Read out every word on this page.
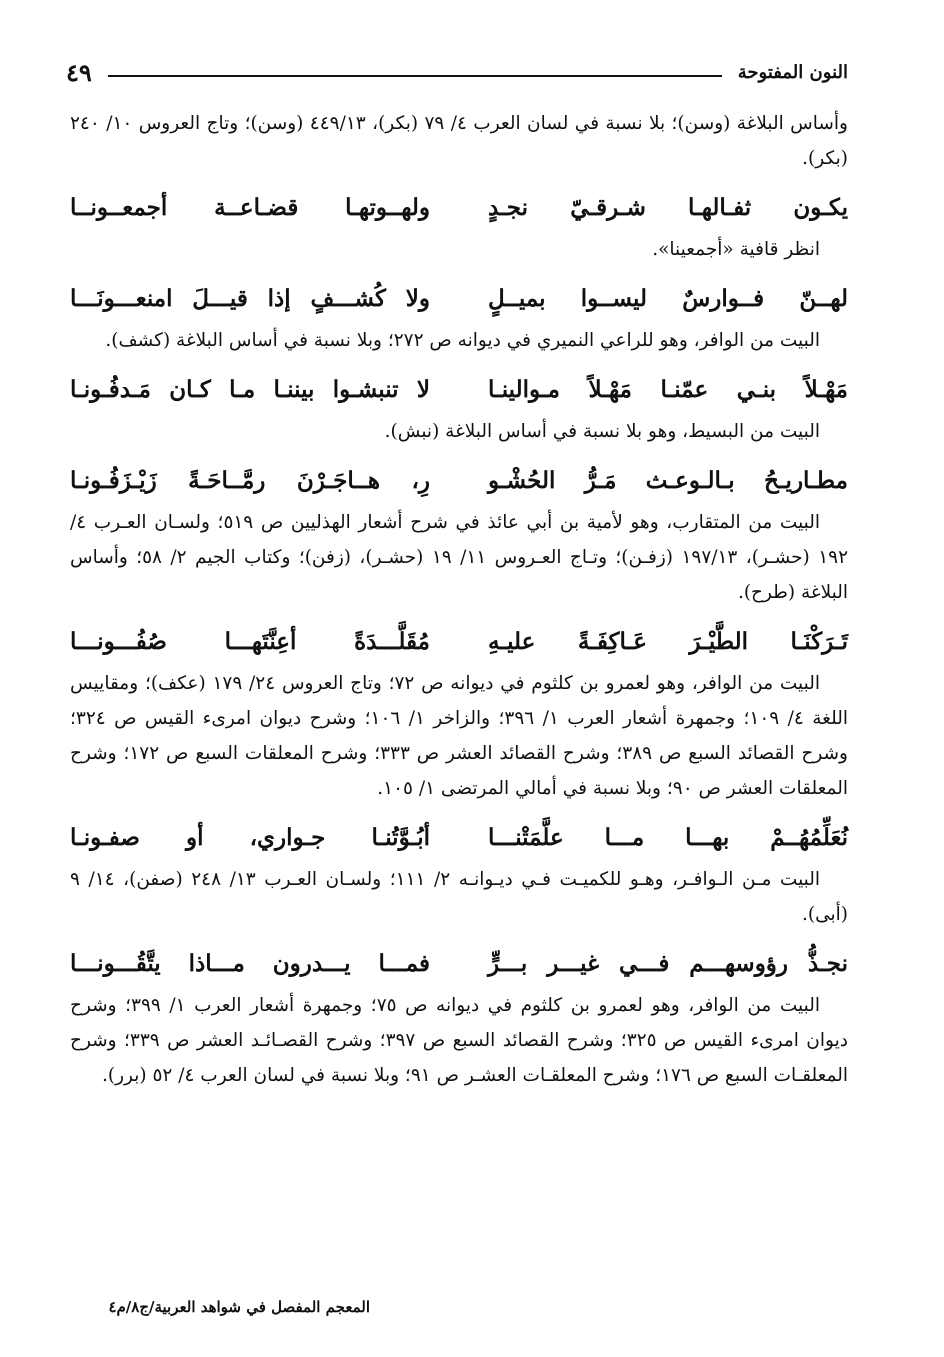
النون المفتوحة
٤٩

وأساس البلاغة (وسن)؛ بلا نسبة في لسان العرب ٤/ ٧٩ (بكر)، ٤٤٩/١٣ (وسن)؛ وتاج العروس ١٠/ ٢٤٠ (بكر).

يكـون ثفـالهـا شـرقـيّ نجـدٍ
ولهــوتهـا قضـاعــة أجمعــونــا

انظر قافية «أجمعينا».

لهــنّ فــوارسٌ ليســوا بميــلٍ
ولا كُشـــفٍ إذا قيـــلَ امنعـــونَـــا

البيت من الوافر، وهو للراعي النميري في ديوانه ص ٢٧٢؛ وبلا نسبة في أساس البلاغة (كشف).

مَهْـلاً بنـي عمّنـا مَهْـلاً مـوالينـا
لا تنبشـوا بيننـا مـا كـان مَـدفُـونـا

البيت من البسيط، وهو بلا نسبة في أساس البلاغة (نبش).

مطـاريـحُ بـالـوعـث مَـرُّ الحُشْـو
رِ، هــاجَـرْنَ رمَّــاحَـةً زَيْـزَفُـونـا

البيت من المتقارب، وهو لأمية بن أبي عائذ في شرح أشعار الهذليين ص ٥١٩؛ ولسـان العـرب ٤/ ١٩٢ (حشـر)، ١٩٧/١٣ (زفـن)؛ وتـاج العـروس ١١/ ١٩ (حشـر)، (زفن)؛ وكتاب الجيم ٢/ ٥٨؛ وأساس البلاغة (طرح).

تَـرَكْنَـا الطَّيْـرَ عَـاكِفَـةً عليـهِ
مُقَلَّـــدَةً أعِنَّتَهـــا صُفُـــونـــا

البيت من الوافر، وهو لعمرو بن كلثوم في ديوانه ص ٧٢؛ وتاج العروس ٢٤/ ١٧٩ (عكف)؛ ومقاييس اللغة ٤/ ١٠٩؛ وجمهرة أشعار العرب ١/ ٣٩٦؛ والزاخر ١/ ١٠٦؛ وشرح ديوان امرىء القيس ص ٣٢٤؛ وشرح القصائد السبع ص ٣٨٩؛ وشرح القصائد العشر ص ٣٣٣؛ وشرح المعلقات السبع ص ١٧٢؛ وشرح المعلقات العشر ص ٩٠؛ وبلا نسبة في أمالي المرتضى ١/ ١٠٥.

نُعَلِّمُهُــمْ بهـــا مـــا علَّمَتْنـــا
أبُـوَّتُنـا جـواري، أو صفـونـا

البيت مـن الـوافـر، وهـو للكميـت فـي ديـوانـه ٢/ ١١١؛ ولسـان العـرب ١٣/ ٢٤٨ (صفن)، ١٤/ ٩ (أبى).

نجـذُّ رؤوسهـــم فـــي غيـــر بـــرٍّ
فمـــا يـــدرون مـــاذا يتَّقُـــونـــا

البيت من الوافر، وهو لعمرو بن كلثوم في ديوانه ص ٧٥؛ وجمهرة أشعار العرب ١/ ٣٩٩؛ وشرح ديوان امرىء القيس ص ٣٢٥؛ وشرح القصائد السبع ص ٣٩٧؛ وشرح القصـائـد العشر ص ٣٣٩؛ وشرح المعلقـات السبع ص ١٧٦؛ وشرح المعلقـات العشـر ص ٩١؛ وبلا نسبة في لسان العرب ٤/ ٥٢ (برر).

المعجم المفصل في شواهد العربية/ج٨/م٤
